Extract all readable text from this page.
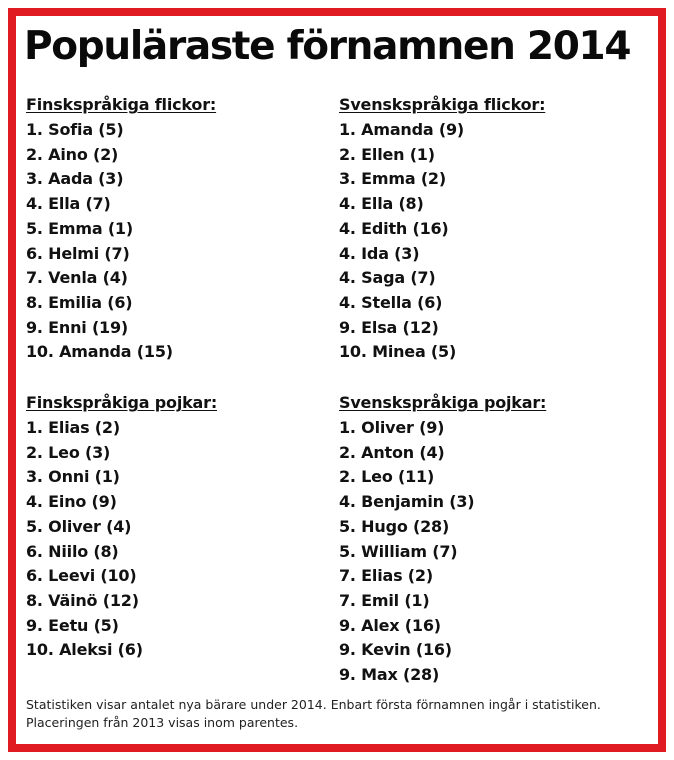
Populäraste förnamnen 2014
Finskspråkiga flickor:
1. Sofia (5)
2. Aino (2)
3. Aada (3)
4. Ella (7)
5. Emma (1)
6. Helmi (7)
7. Venla (4)
8. Emilia (6)
9. Enni (19)
10. Amanda (15)
Svenskspråkiga flickor:
1. Amanda (9)
2. Ellen (1)
3. Emma (2)
4. Ella (8)
4. Edith (16)
4. Ida (3)
4. Saga (7)
4. Stella (6)
9. Elsa (12)
10. Minea (5)
Finskspråkiga pojkar:
1. Elias (2)
2. Leo (3)
3. Onni (1)
4. Eino (9)
5. Oliver (4)
6. Niilo (8)
6. Leevi (10)
8. Väinö (12)
9. Eetu (5)
10. Aleksi (6)
Svenskspråkiga pojkar:
1. Oliver (9)
2. Anton (4)
2. Leo (11)
4. Benjamin (3)
5. Hugo (28)
5. William (7)
7. Elias (2)
7. Emil (1)
9. Alex (16)
9. Kevin (16)
9. Max (28)

Statistiken visar antalet nya bärare under 2014. Enbart första förnamnen ingår i statistiken.
Placeringen från 2013 visas inom parentes.
